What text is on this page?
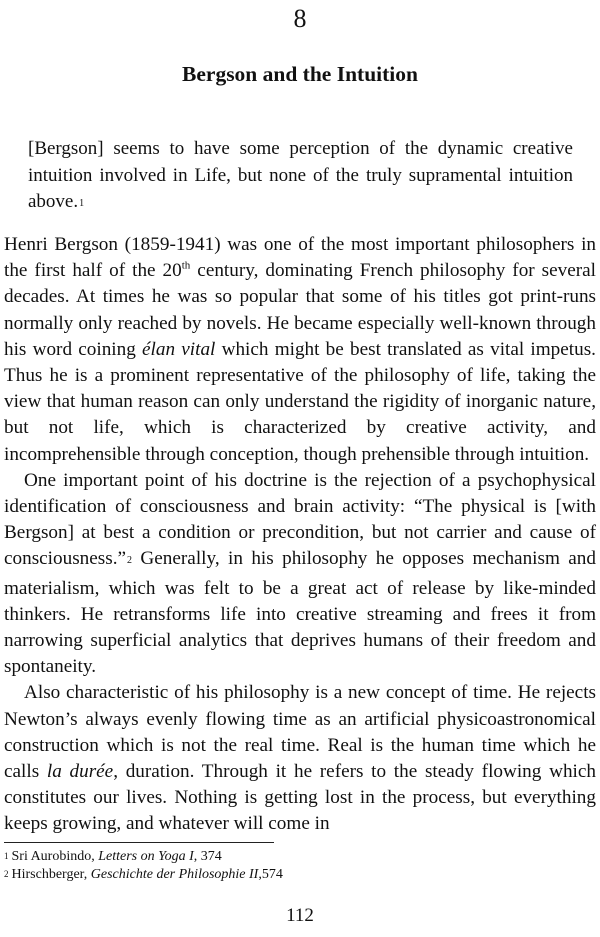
8
Bergson and the Intuition

[Bergson] seems to have some perception of the dynamic creative intuition involved in Life, but none of the truly supramental intuition above.1

Henri Bergson (1859-1941) was one of the most important philosophers in the first half of the 20th century, dominating French philosophy for several decades. At times he was so popular that some of his titles got print-runs normally only reached by novels. He became especially well-known through his word coining élan vital which might be best translated as vital impetus. Thus he is a prominent representative of the philosophy of life, taking the view that human reason can only understand the rigidity of inorganic nature, but not life, which is characterized by creative activity, and incomprehensible through conception, though prehensible through intuition.

One important point of his doctrine is the rejection of a psychophysical identification of consciousness and brain activity: “The physical is [with Bergson] at best a condition or precondition, but not carrier and cause of consciousness.”2 Generally, in his philosophy he opposes mechanism and materialism, which was felt to be a great act of release by like-minded thinkers. He retransforms life into creative streaming and frees it from narrowing superficial analytics that deprives humans of their freedom and spontaneity.

Also characteristic of his philosophy is a new concept of time. He rejects Newton’s always evenly flowing time as an artificial physicoastronomical construction which is not the real time. Real is the human time which he calls la durée, duration. Through it he refers to the steady flowing which constitutes our lives. Nothing is getting lost in the process, but everything keeps growing, and whatever will come in

$^1$ Sri Aurobindo, Letters on Yoga I, 374
$^2$ Hirschberger, Geschichte der Philosophie II,574
112
